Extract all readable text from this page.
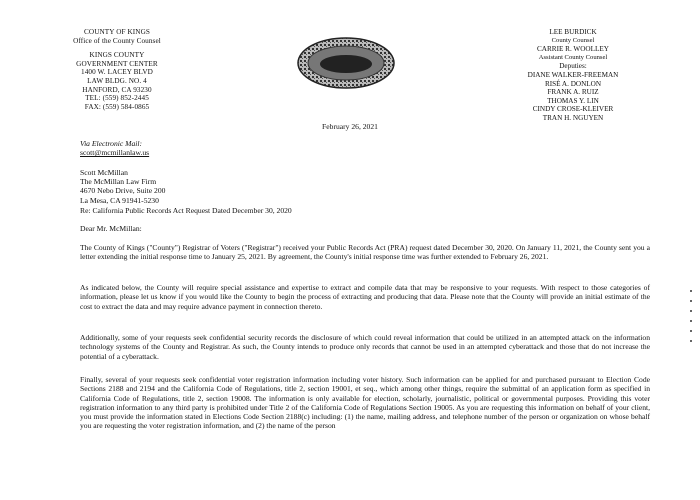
COUNTY OF KINGS
Office of the County Counsel
KINGS COUNTY
GOVERNMENT CENTER
1400 W. LACEY BLVD
LAW BLDG. NO. 4
HANFORD, CA 93230
TEL: (559) 852-2445
FAX: (559) 584-0865
LEE BURDICK
County Counsel
CARRIE R. WOOLLEY
Assistant County Counsel
Deputies:
DIANE WALKER-FREEMAN
RISÉ A. DONLON
FRANK A. RUIZ
THOMAS Y. LIN
CINDY CROSE-KLEIVER
TRAN H. NGUYEN
February 26, 2021
Via Electronic Mail:
scott@mcmillanlaw.us
Scott McMillan
The McMillan Law Firm
4670 Nebo Drive, Suite 200
La Mesa, CA 91941-5230
Re: California Public Records Act Request Dated December 30, 2020
Dear Mr. McMillan:
The County of Kings ("County") Registrar of Voters ("Registrar") received your Public Records Act (PRA) request dated December 30, 2020. On January 11, 2021, the County sent you a letter extending the initial response time to January 25, 2021. By agreement, the County's initial response time was further extended to February 26, 2021.
As indicated below, the County will require special assistance and expertise to extract and compile data that may be responsive to your requests. With respect to those categories of information, please let us know if you would like the County to begin the process of extracting and producing that data. Please note that the County will provide an initial estimate of the cost to extract the data and may require advance payment in connection thereto.
Additionally, some of your requests seek confidential security records the disclosure of which could reveal information that could be utilized in an attempted attack on the information technology systems of the County and Registrar. As such, the County intends to produce only records that cannot be used in an attempted cyberattack and those that do not increase the potential of a cyberattack.
Finally, several of your requests seek confidential voter registration information including voter history. Such information can be applied for and purchased pursuant to Election Code Sections 2188 and 2194 and the California Code of Regulations, title 2, section 19001, et seq., which among other things, require the submittal of an application form as specified in California Code of Regulations, title 2, section 19008. The information is only available for election, scholarly, journalistic, political or governmental purposes. Providing this voter registration information to any third party is prohibited under Title 2 of the California Code of Regulations Section 19005. As you are requesting this information on behalf of your client, you must provide the information stated in Elections Code Section 2188(c) including: (1) the name, mailing address, and telephone number of the person or organization on whose behalf you are requesting the voter registration information, and (2) the name of the person
